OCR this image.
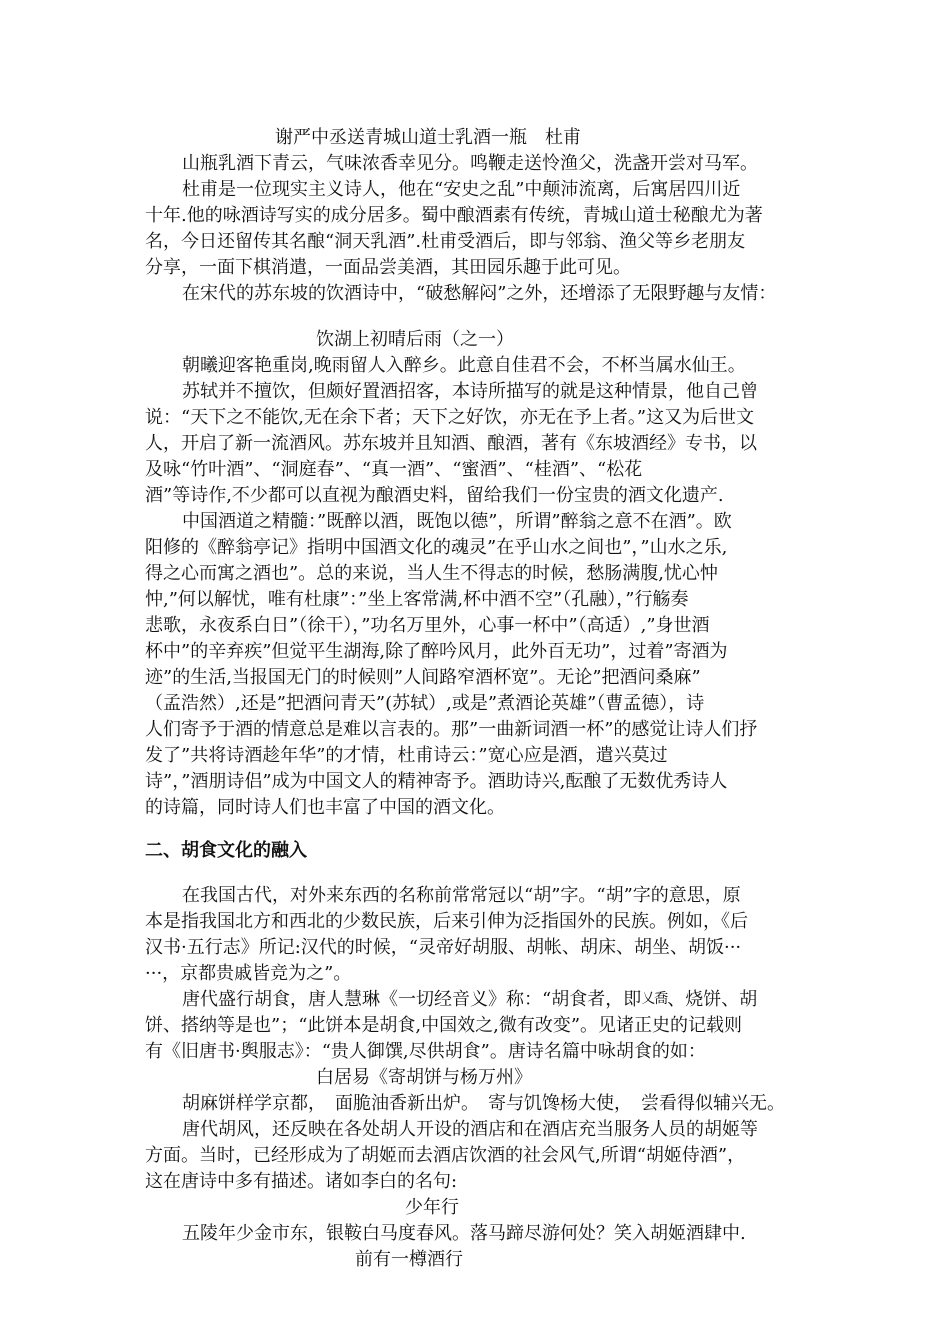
谢严中丞送青城山道士乳酒一瓶　杜甫
山瓶乳酒下青云，气味浓香幸见分。鸣鞭走送怜渔父，洗盏开尝对马军。
杜甫是一位现实主义诗人，他在“安史之乱”中颠沛流离，后寓居四川近
十年.他的咏酒诗写实的成分居多。蜀中酿酒素有传统，青城山道士秘酿尤为著
名，今日还留传其名酿“洞天乳酒”.杜甫受酒后，即与邻翁、渔父等乡老朋友
分享，一面下棋消遣，一面品尝美酒，其田园乐趣于此可见。
在宋代的苏东坡的饮酒诗中，“破愁解闷”之外，还增添了无限野趣与友情：
饮湖上初晴后雨（之一）
朝曦迎客艳重岗,晚雨留人入醉乡。此意自佳君不会，不杯当属水仙王。
苏轼并不擅饮，但颇好置酒招客，本诗所描写的就是这种情景，他自己曾
说：“天下之不能饮,无在余下者；天下之好饮，亦无在予上者。”这又为后世文
人，开启了新一流酒风。苏东坡并且知酒、酿酒，著有《东坡酒经》专书，以
及咏“竹叶酒”、“洞庭春”、“真一酒”、“蜜酒”、“桂酒”、“松花
酒”等诗作,不少都可以直视为酿酒史料，留给我们一份宝贵的酒文化遗产.
中国酒道之精髓：”既醉以酒，既饱以德”，所谓”醉翁之意不在酒”。欧
阳修的《醉翁亭记》指明中国酒文化的魂灵”在乎山水之间也”，”山水之乐,
得之心而寓之酒也”。总的来说，当人生不得志的时候，愁肠满腹,忧心忡
忡,”何以解忧，唯有杜康”：”坐上客常满,杯中酒不空”（孔融），”行觞奏
悲歌，永夜系白日”（徐干），”功名万里外，心事一杯中”（高适）,”身世酒
杯中”的辛弃疾”但觉平生湖海,除了醉吟风月，此外百无功”，过着”寄酒为
迹”的生活,当报国无门的时候则”人间路窄酒杯宽”。无论”把酒问桑麻”
（孟浩然）,还是”把酒问青天”(苏轼）,或是”煮酒论英雄”（曹孟德），诗
人们寄予于酒的情意总是难以言表的。那”一曲新词酒一杯”的感觉让诗人们抒
发了”共将诗酒趁年华”的才情，杜甫诗云：”宽心应是酒，遣兴莫过
诗”，”酒朋诗侣”成为中国文人的精神寄予。酒助诗兴,酝酿了无数优秀诗人
的诗篇，同时诗人们也丰富了中国的酒文化。
二、胡食文化的融入
在我国古代，对外来东西的名称前常常冠以“胡”字。“胡”字的意思，原
本是指我国北方和西北的少数民族，后来引伸为泛指国外的民族。例如，《后
汉书·五行志》所记:汉代的时候，“灵帝好胡服、胡帐、胡床、胡坐、胡饭···
···，京都贵戚皆竞为之”。
唐代盛行胡食，唐人慧琳《一切经音义》称：“胡食者，即乂喬、烧饼、胡
饼、搭纳等是也”；“此饼本是胡食,中国效之,微有改变”。见诸正史的记载则
有《旧唐书·舆服志》：“贵人御馔,尽供胡食”。唐诗名篇中咏胡食的如：
白居易《寄胡饼与杨万州》
胡麻饼样学京都，　面脆油香新出炉。　寄与饥馋杨大使，　尝看得似辅兴无。
唐代胡风，还反映在各处胡人开设的酒店和在酒店充当服务人员的胡姬等
方面。当时，已经形成为了胡姬而去酒店饮酒的社会风气,所谓“胡姬侍酒”，
这在唐诗中多有描述。诸如李白的名句:
少年行
五陵年少金市东，银鞍白马度春风。落马蹄尽游何处？笑入胡姬酒肆中.
前有一樽酒行
